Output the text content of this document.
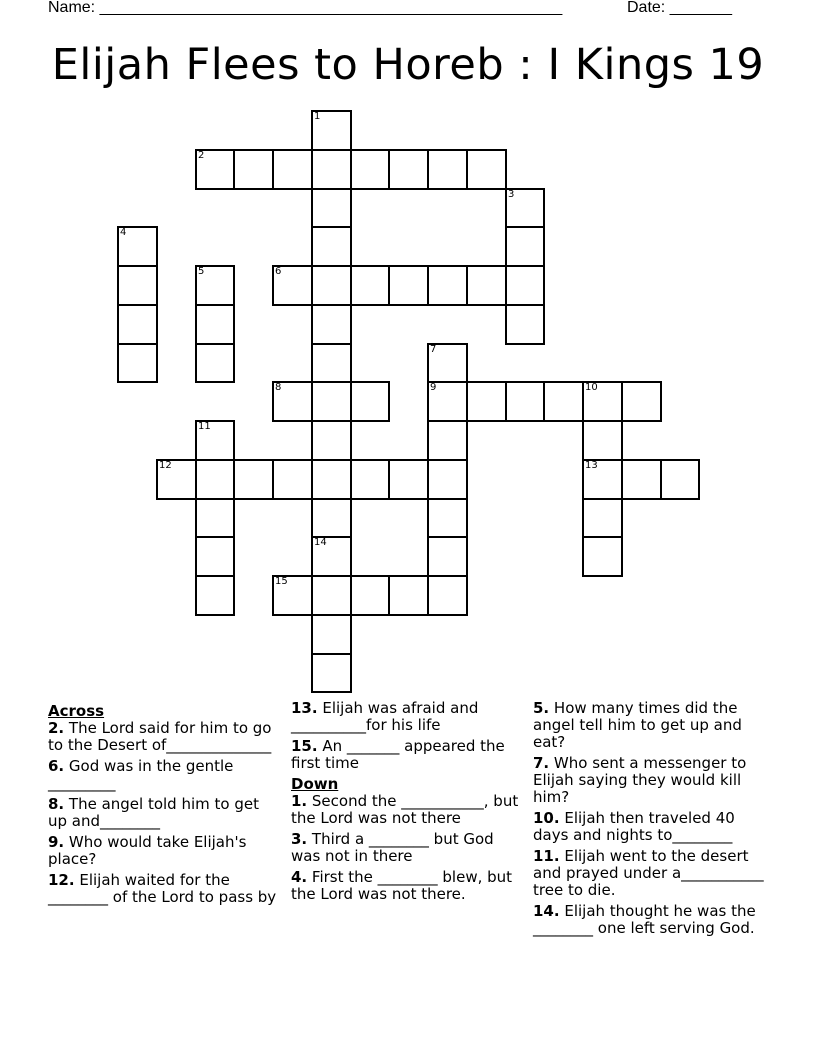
Name: ____________________________________________________	Date: _______
Elijah Flees to Horeb : I Kings 19
1
14
2
3
4
5	6
7
9
8	10
13
11
12
15
Across
2. The Lord said for him to go to the Desert of______________
6. God was in the gentle _________
8. The angel told him to get up and________
9. Who would take Elijah's place?
12. Elijah waited for the ________ of the Lord to pass by
13. Elijah was afraid and __________for his life
15. An _______ appeared the first time
Down
1. Second the ___________, but the Lord was not there
3. Third a ________ but God was not in there
4. First the ________ blew, but the Lord was not there.
5. How many times did the angel tell him to get up and eat?
7. Who sent a messenger to Elijah saying they would kill him?
10. Elijah then traveled 40 days and nights to________
11. Elijah went to the desert and prayed under a___________ tree to die.
14. Elijah thought he was the ________ one left serving God.
